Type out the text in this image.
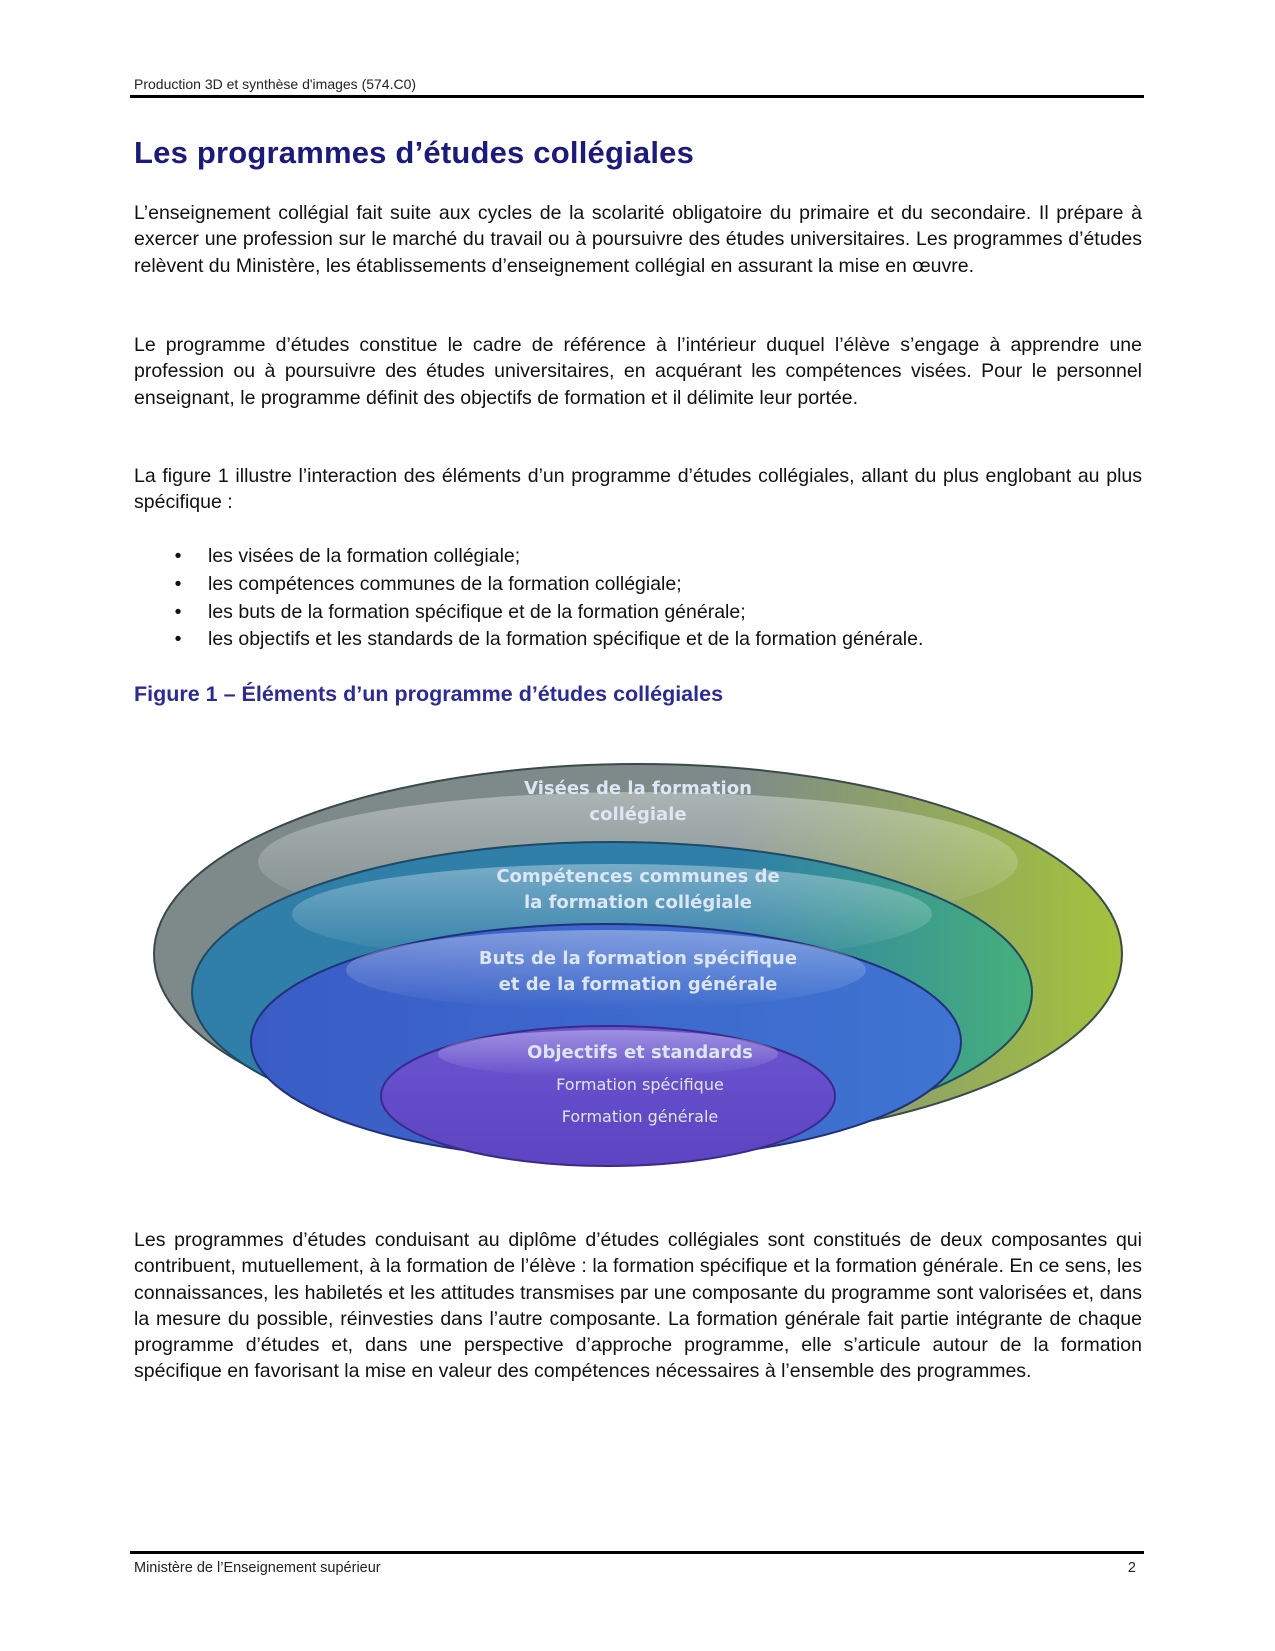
Production 3D et synthèse d'images (574.C0)
Les programmes d’études collégiales

L’enseignement collégial fait suite aux cycles de la scolarité obligatoire du primaire et du secondaire. Il prépare à exercer une profession sur le marché du travail ou à poursuivre des études universitaires. Les programmes d’études relèvent du Ministère, les établissements d’enseignement collégial en assurant la mise en œuvre.

Le programme d’études constitue le cadre de référence à l’intérieur duquel l’élève s’engage à apprendre une profession ou à poursuivre des études universitaires, en acquérant les compétences visées. Pour le personnel enseignant, le programme définit des objectifs de formation et il délimite leur portée.

La figure 1 illustre l’interaction des éléments d’un programme d’études collégiales, allant du plus englobant au plus spécifique :

• les visées de la formation collégiale;
• les compétences communes de la formation collégiale;
• les buts de la formation spécifique et de la formation générale;
• les objectifs et les standards de la formation spécifique et de la formation générale.
Figure 1 – Éléments d’un programme d’études collégiales
Visées de la formation
collégiale
Compétences communes de
la formation collégiale
Buts de la formation spécifique
et de la formation générale
Objectifs et standards
Formation spécifique
Formation générale

Les programmes d’études conduisant au diplôme d’études collégiales sont constitués de deux composantes qui contribuent, mutuellement, à la formation de l’élève : la formation spécifique et la formation générale. En ce sens, les connaissances, les habiletés et les attitudes transmises par une composante du programme sont valorisées et, dans la mesure du possible, réinvesties dans l’autre composante. La formation générale fait partie intégrante de chaque programme d’études et, dans une perspective d’approche programme, elle s’articule autour de la formation spécifique en favorisant la mise en valeur des compétences nécessaires à l’ensemble des programmes.

Ministère de l’Enseignement supérieur	2
